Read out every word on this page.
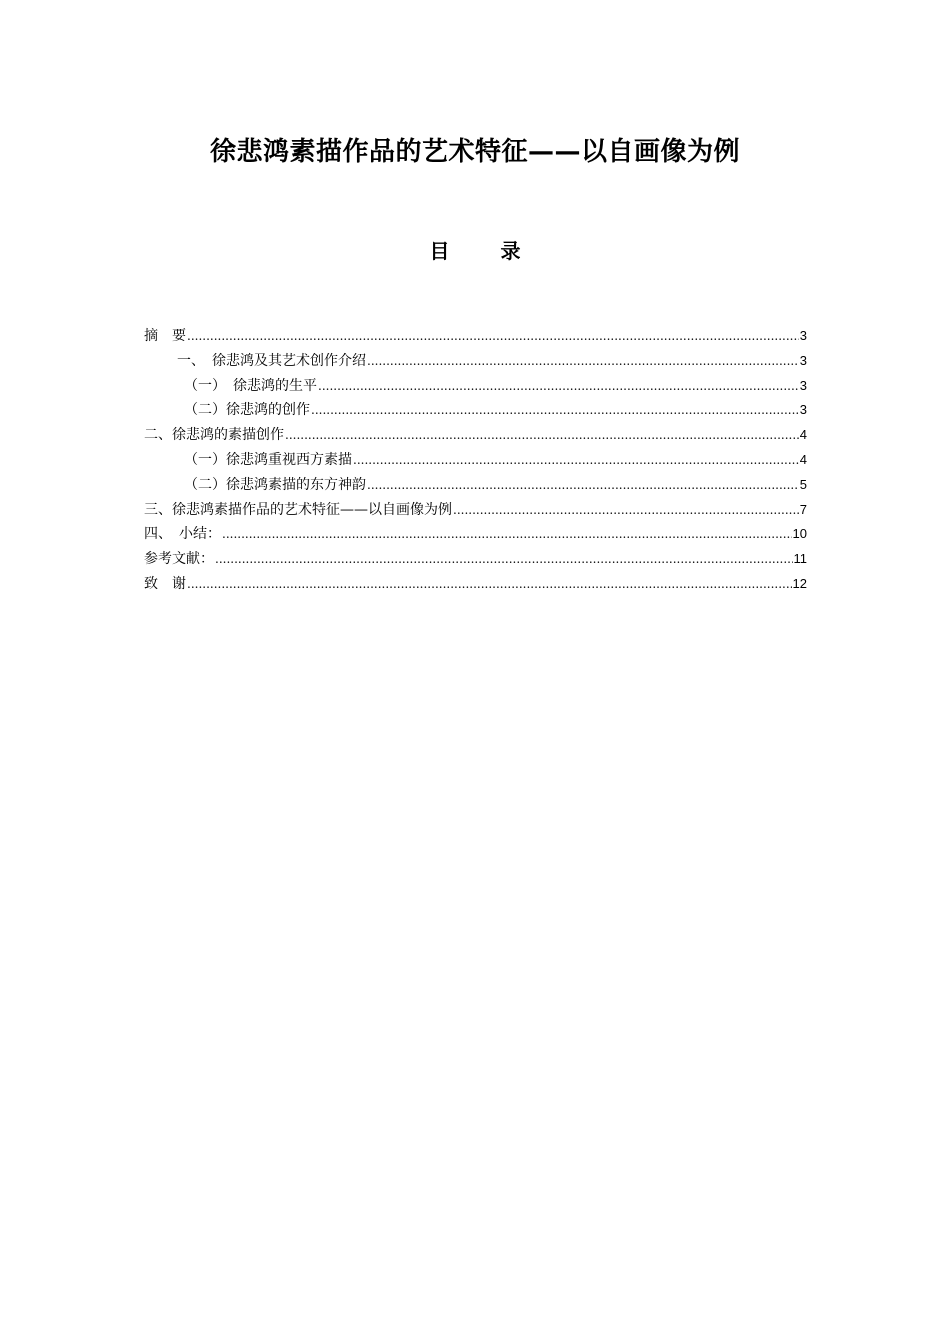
徐悲鸿素描作品的艺术特征——以自画像为例
目 录
摘　要 .....	3
一、　徐悲鸿及其艺术创作介绍 .....	3
（一）　徐悲鸿的生平 .....	3
（二）徐悲鸿的创作 .....	3
二、徐悲鸿的素描创作 .....	4
（一）徐悲鸿重视西方素描 .....	4
（二）徐悲鸿素描的东方神韵 .....	5
三、徐悲鸿素描作品的艺术特征——以自画像为例 .....	7
四、　小结： .....	10
参考文献： .....	11
致　谢 .....	12
